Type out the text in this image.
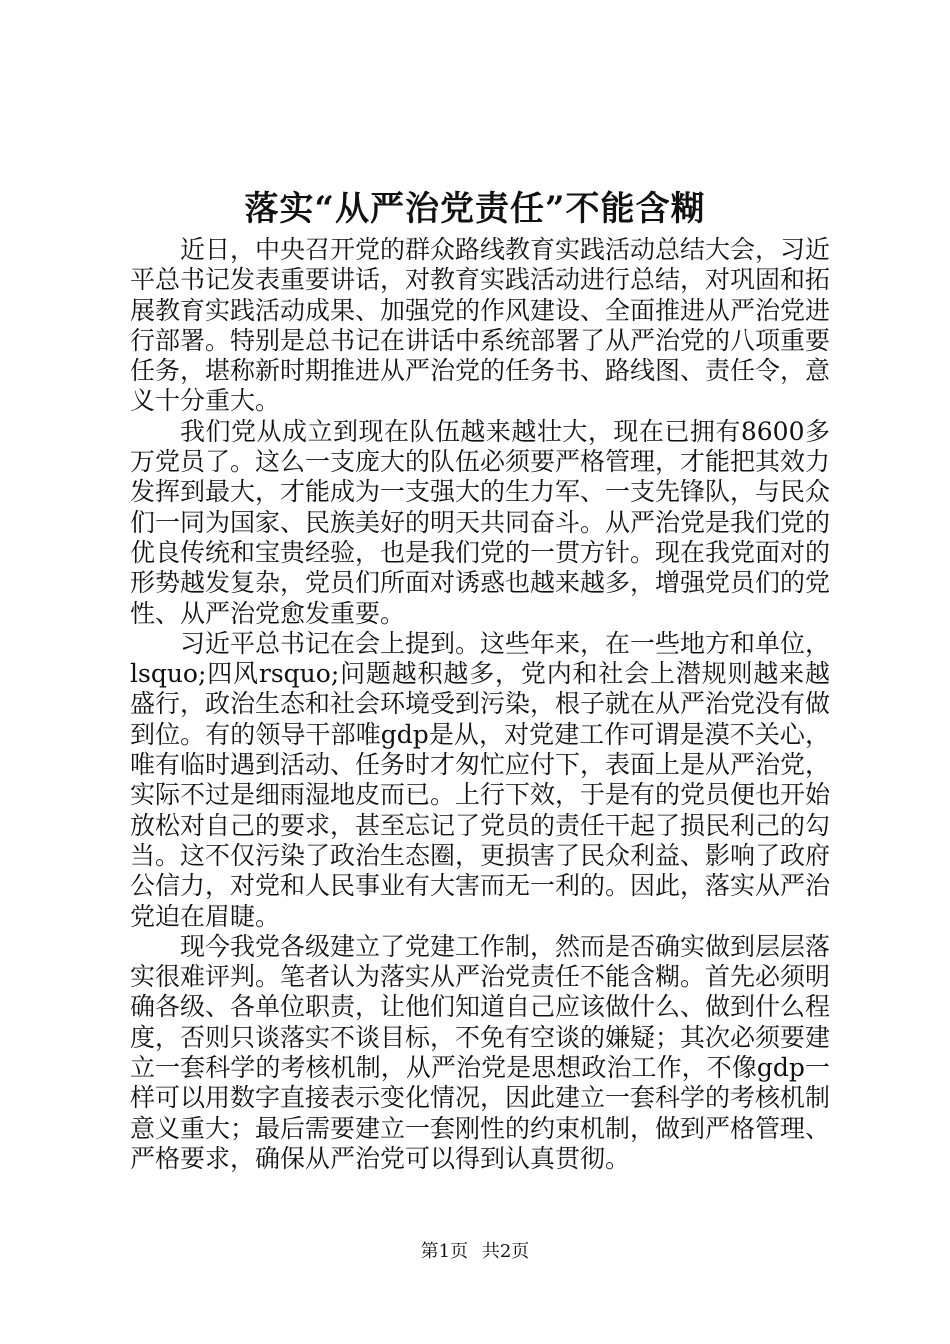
落实“从严治党责任”不能含糊

近日，中央召开党的群众路线教育实践活动总结大会，习近平总书记发表重要讲话，对教育实践活动进行总结，对巩固和拓展教育实践活动成果、加强党的作风建设、全面推进从严治党进行部署。特别是总书记在讲话中系统部署了从严治党的八项重要任务，堪称新时期推进从严治党的任务书、路线图、责任令，意义十分重大。

我们党从成立到现在队伍越来越壮大，现在已拥有8600多万党员了。这么一支庞大的队伍必须要严格管理，才能把其效力发挥到最大，才能成为一支强大的生力军、一支先锋队，与民众们一同为国家、民族美好的明天共同奋斗。从严治党是我们党的优良传统和宝贵经验，也是我们党的一贯方针。现在我党面对的形势越发复杂，党员们所面对诱惑也越来越多，增强党员们的党性、从严治党愈发重要。

习近平总书记在会上提到。这些年来，在一些地方和单位，lsquo;四风rsquo;问题越积越多，党内和社会上潜规则越来越盛行，政治生态和社会环境受到污染，根子就在从严治党没有做到位。有的领导干部唯gdp是从，对党建工作可谓是漠不关心，唯有临时遇到活动、任务时才匆忙应付下，表面上是从严治党，实际不过是细雨湿地皮而已。上行下效，于是有的党员便也开始放松对自己的要求，甚至忘记了党员的责任干起了损民利己的勾当。这不仅污染了政治生态圈，更损害了民众利益、影响了政府公信力，对党和人民事业有大害而无一利的。因此，落实从严治党迫在眉睫。

现今我党各级建立了党建工作制，然而是否确实做到层层落实很难评判。笔者认为落实从严治党责任不能含糊。首先必须明确各级、各单位职责，让他们知道自己应该做什么、做到什么程度，否则只谈落实不谈目标，不免有空谈的嫌疑；其次必须要建立一套科学的考核机制，从严治党是思想政治工作，不像gdp一样可以用数字直接表示变化情况，因此建立一套科学的考核机制意义重大；最后需要建立一套刚性的约束机制，做到严格管理、严格要求，确保从严治党可以得到认真贯彻。

第1页 共2页
